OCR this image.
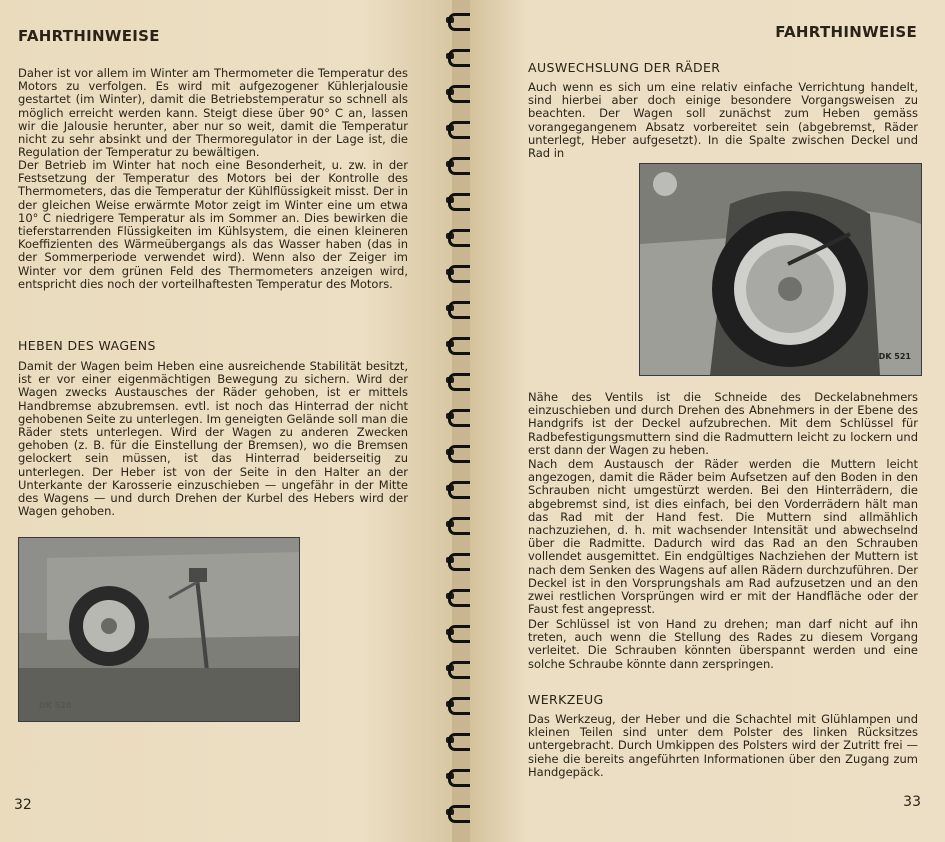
FAHRTHINWEISE

Daher ist vor allem im Winter am Thermometer die Temperatur des Motors zu verfolgen. Es wird mit aufgezogener Kühlerjalousie gestartet (im Winter), damit die Betriebstemperatur so schnell als möglich erreicht werden kann. Steigt diese über 90° C an, lassen wir die Jalousie herunter, aber nur so weit, damit die Temperatur nicht zu sehr absinkt und der Thermoregulator in der Lage ist, die Regulation der Temperatur zu bewältigen.

Der Betrieb im Winter hat noch eine Besonderheit, u. zw. in der Festsetzung der Temperatur des Motors bei der Kontrolle des Thermometers, das die Temperatur der Kühlflüssigkeit misst. Der in der gleichen Weise erwärmte Motor zeigt im Winter eine um etwa 10° C niedrigere Temperatur als im Sommer an. Dies bewirken die tieferstarrenden Flüssigkeiten im Kühlsystem, die einen kleineren Koeffizienten des Wärmeübergangs als das Wasser haben (das in der Sommerperiode verwendet wird). Wenn also der Zeiger im Winter vor dem grünen Feld des Thermometers anzeigen wird, entspricht dies noch der vorteilhaftesten Temperatur des Motors.

HEBEN DES WAGENS

Damit der Wagen beim Heben eine ausreichende Stabilität besitzt, ist er vor einer eigenmächtigen Bewegung zu sichern. Wird der Wagen zwecks Austausches der Räder gehoben, ist er mittels Handbremse abzubremsen. evtl. ist noch das Hinterrad der nicht gehobenen Seite zu unterlegen. Im geneigten Gelände soll man die Räder stets unterlegen. Wird der Wagen zu anderen Zwecken gehoben (z. B. für die Einstellung der Bremsen), wo die Bremsen gelockert sein müssen, ist das Hinterrad beiderseitig zu unterlegen. Der Heber ist von der Seite in den Halter an der Unterkante der Karosserie einzuschieben — ungefähr in der Mitte des Wagens — und durch Drehen der Kurbel des Hebers wird der Wagen gehoben.

DK 520
32
FAHRTHINWEISE
AUSWECHSLUNG DER RÄDER

Auch wenn es sich um eine relativ einfache Verrichtung handelt, sind hierbei aber doch einige besondere Vorgangsweisen zu beachten. Der Wagen soll zunächst zum Heben gemäss vorangegangenem Absatz vorbereitet sein (abgebremst, Räder unterlegt, Heber aufgesetzt). In die Spalte zwischen Deckel und Rad in

DK 521

Nähe des Ventils ist die Schneide des Deckelabnehmers einzuschieben und durch Drehen des Abnehmers in der Ebene des Handgrifs ist der Deckel aufzubrechen. Mit dem Schlüssel für Radbefestigungsmuttern sind die Radmuttern leicht zu lockern und erst dann der Wagen zu heben.

Nach dem Austausch der Räder werden die Muttern leicht angezogen, damit die Räder beim Aufsetzen auf den Boden in den Schrauben nicht umgestürzt werden. Bei den Hinterrädern, die abgebremst sind, ist dies einfach, bei den Vorderrädern hält man das Rad mit der Hand fest. Die Muttern sind allmählich nachzuziehen, d. h. mit wachsender Intensität und abwechselnd über die Radmitte. Dadurch wird das Rad an den Schrauben vollendet ausgemittet. Ein endgültiges Nachziehen der Muttern ist nach dem Senken des Wagens auf allen Rädern durchzuführen. Der Deckel ist in den Vorsprungshals am Rad aufzusetzen und an den zwei restlichen Vorsprüngen wird er mit der Handfläche oder der Faust fest angepresst.

Der Schlüssel ist von Hand zu drehen; man darf nicht auf ihn treten, auch wenn die Stellung des Rades zu diesem Vorgang verleitet. Die Schrauben könnten überspannt werden und eine solche Schraube könnte dann zerspringen.

WERKZEUG

Das Werkzeug, der Heber und die Schachtel mit Glühlampen und kleinen Teilen sind unter dem Polster des linken Rücksitzes untergebracht. Durch Umkippen des Polsters wird der Zutritt frei — siehe die bereits angeführten Informationen über den Zugang zum Handgepäck.

33
